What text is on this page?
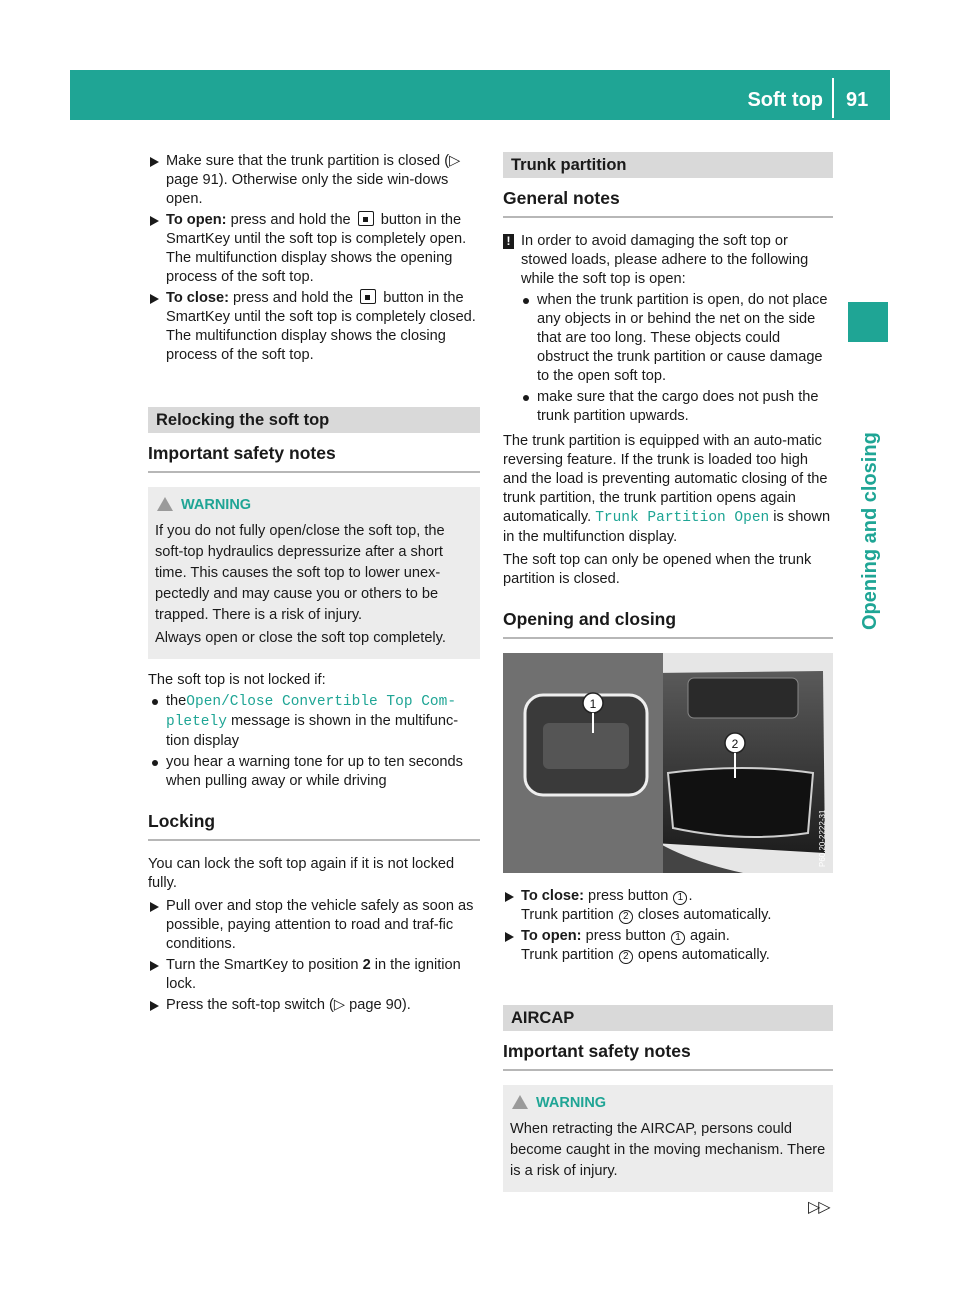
Soft top 91
Opening and closing
Make sure that the trunk partition is closed (▷ page 91). Otherwise only the side win-dows open.
To open: press and hold the button in the SmartKey until the soft top is completely open.
The multifunction display shows the opening process of the soft top.
To close: press and hold the button in the SmartKey until the soft top is completely closed.
The multifunction display shows the closing process of the soft top.
Relocking the soft top
Important safety notes
WARNING

If you do not fully open/close the soft top, the soft-top hydraulics depressurize after a short time. This causes the soft top to lower unex-pectedly and may cause you or others to be trapped. There is a risk of injury.

Always open or close the soft top completely.

The soft top is not locked if:

theOpen/Close Convertible Top Com-pletely message is shown in the multifunc-tion display
you hear a warning tone for up to ten seconds when pulling away or while driving
Locking

You can lock the soft top again if it is not locked fully.

Pull over and stop the vehicle safely as soon as possible, paying attention to road and traf-fic conditions.
Turn the SmartKey to position 2 in the ignition lock.
Press the soft-top switch (▷ page 90).
Trunk partition
General notes
! In order to avoid damaging the soft top or stowed loads, please adhere to the following while the soft top is open:
when the trunk partition is open, do not place any objects in or behind the net on the side that are too long. These objects could obstruct the trunk partition or cause damage to the open soft top.
make sure that the cargo does not push the trunk partition upwards.

The trunk partition is equipped with an auto-matic reversing feature. If the trunk is loaded too high and the load is preventing automatic closing of the trunk partition, the trunk partition opens again automatically. Trunk Partition Open is shown in the multifunction display.

The soft top can only be opened when the trunk partition is closed.

Opening and closing
1
2
P60.20-2222-31
To close: press button 1 .
Trunk partition 2 closes automatically.
To open: press button 1 again.
Trunk partition 2 opens automatically.
AIRCAP
Important safety notes
WARNING

When retracting the AIRCAP, persons could become caught in the moving mechanism. There is a risk of injury.

▷▷
